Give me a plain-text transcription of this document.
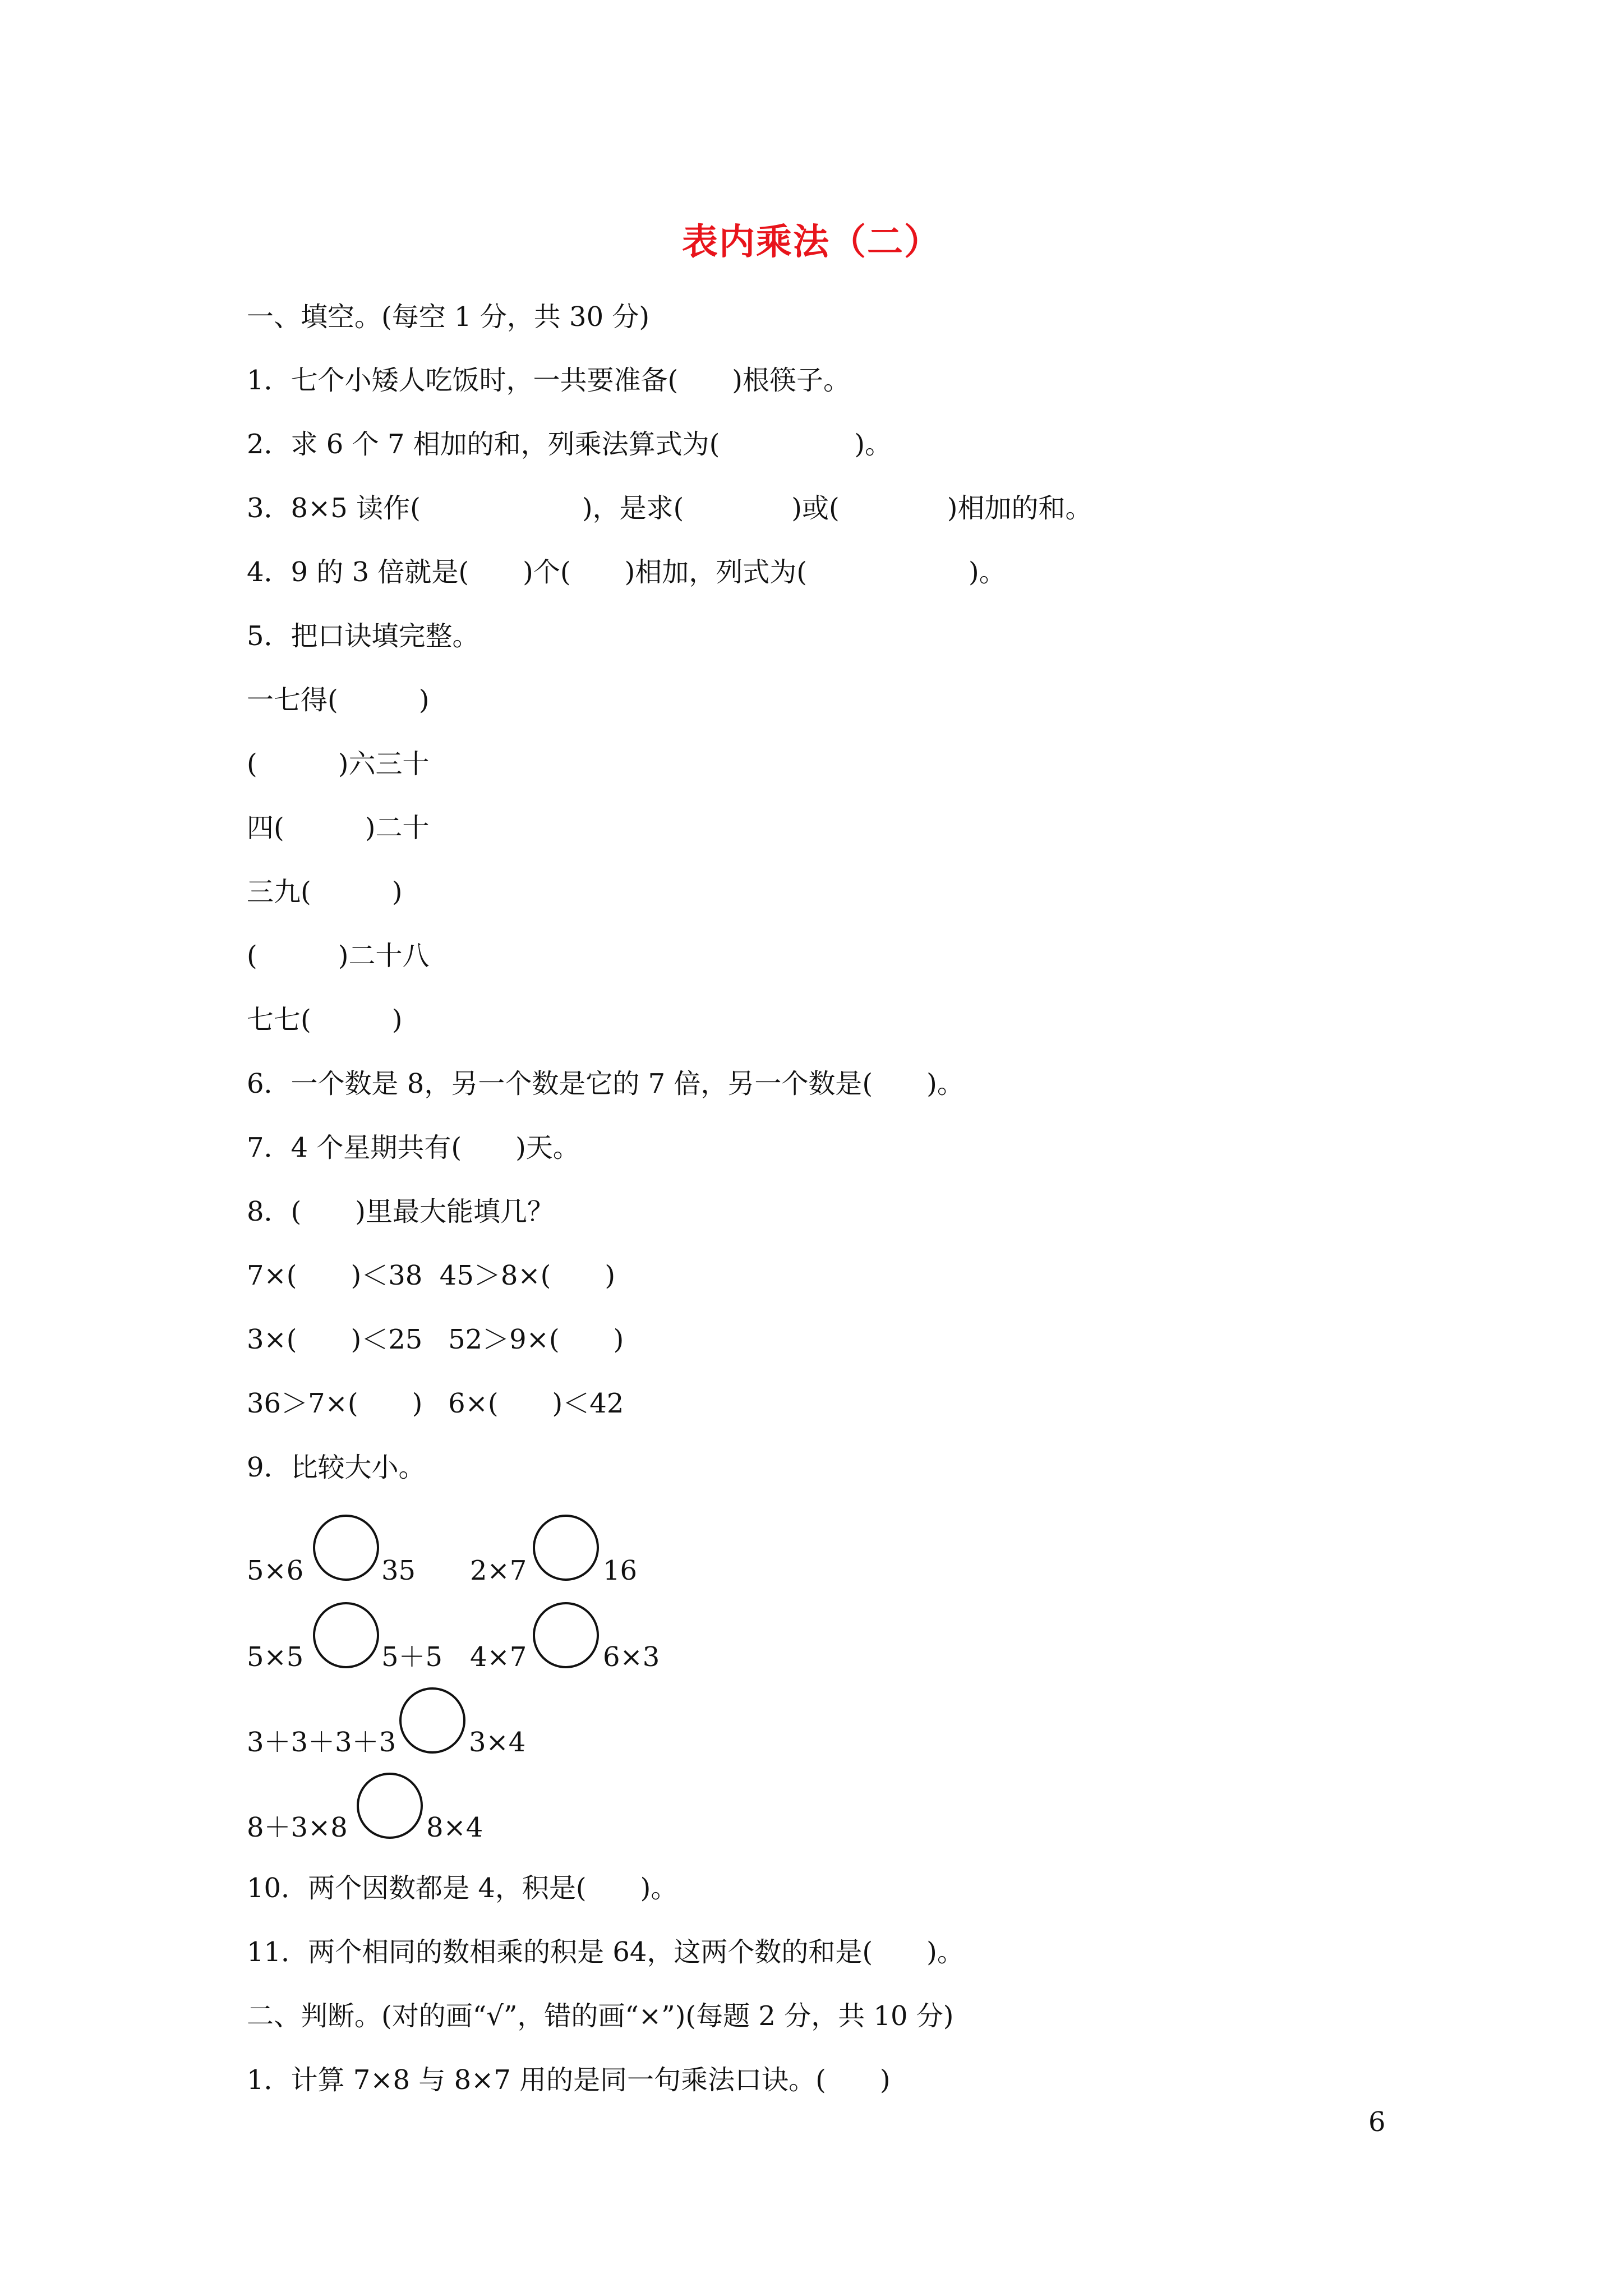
表内乘法（二）
一、填空。(每空 1 分，共 30 分)
1．七个小矮人吃饭时，一共要准备(　　)根筷子。
2．求 6 个 7 相加的和，列乘法算式为(　　　　　)。
3．8×5 读作(　　　　　　)，是求(　　　　)或(　　　　)相加的和。
4．9 的 3 倍就是(　　)个(　　)相加，列式为(　　　　　　)。
5．把口诀填完整。
一七得(　　　)
(　　　)六三十
四(　　　)二十
三九(　　　)
(　　　)二十八
七七(　　　)
6．一个数是 8，另一个数是它的 7 倍，另一个数是(　　)。
7．4 个星期共有(　　)天。
8．(　　)里最大能填几？
7×(　　)＜38  45＞8×(　　)
3×(　　)＜25   52＞9×(　　)
36＞7×(　　)   6×(　　)＜42
9．比较大小。
5×6	35 2×7	16
5×5	5＋5 4×7	6×3
3＋3＋3＋3	3×4
8＋3×8	8×4
10．两个因数都是 4，积是(　　)。
11．两个相同的数相乘的积是 64，这两个数的和是(　　)。
二、判断。(对的画“√”，错的画“×”)(每题 2 分，共 10 分)
1．计算 7×8 与 8×7 用的是同一句乘法口诀。(　　)
6
